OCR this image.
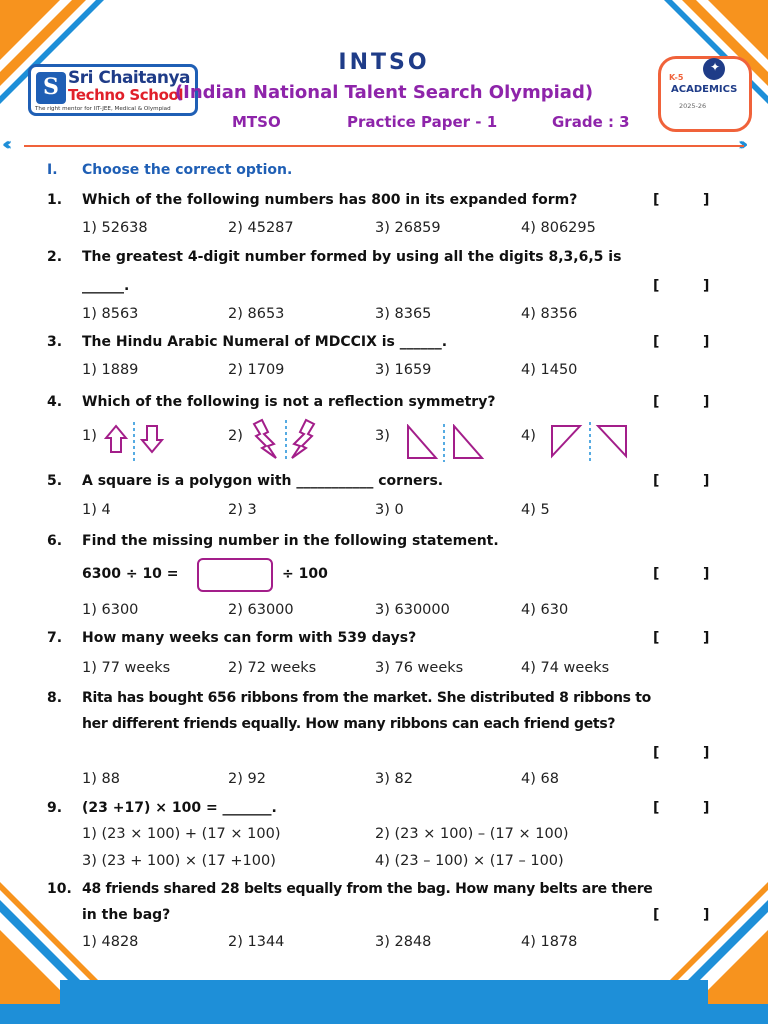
S Sri Chaitanya
Techno School
The right mentor for IIT-JEE, Medical & Olympiad
INTSO
(Indian National Talent Search Olympiad)
MTSO	Practice Paper - 1	Grade : 3
✦
K-5
ACADEMICS
2025-26
‹‹‹
I. Choose the correct option.
1. Which of the following numbers has 800 in its expanded form?	[	]
1) 52638	2) 45287	3) 26859	4) 806295
2. The greatest 4-digit number formed by using all the digits 8,3,6,5 is
______.	[	]
1) 8563	2) 8653	3) 8365	4) 8356
3. The Hindu Arabic Numeral of MDCCIX is ______.	[	]
1) 1889	2) 1709	3) 1659	4) 1450
4. Which of the following is not a reflection symmetry?	[	]
1)	2)	3)	4)
5. A square is a polygon with ___________ corners.	[	]
1) 4	2) 3	3) 0	4) 5
6. Find the missing number in the following statement.
6300 ÷ 10 =	÷ 100	[	]
1) 6300	2) 63000	3) 630000	4) 630
7. How many weeks can form with 539 days?	[	]
1) 77 weeks	2) 72 weeks	3) 76 weeks	4) 74 weeks
8. Rita has bought 656 ribbons from the market. She distributed 8 ribbons to
her different friends equally. How many ribbons can each friend gets?
[	]
1) 88	2) 92	3) 82	4) 68
9. (23 +17) × 100 = _______.	[	]
1) (23 × 100) + (17 × 100)	2) (23 × 100) – (17 × 100)
3) (23 + 100) × (17 +100)	4) (23 – 100) × (17 – 100)
10. 48 friends shared 28 belts equally from the bag. How many belts are there
in the bag?	[	]
1) 4828	2) 1344	3) 2848	4) 1878
